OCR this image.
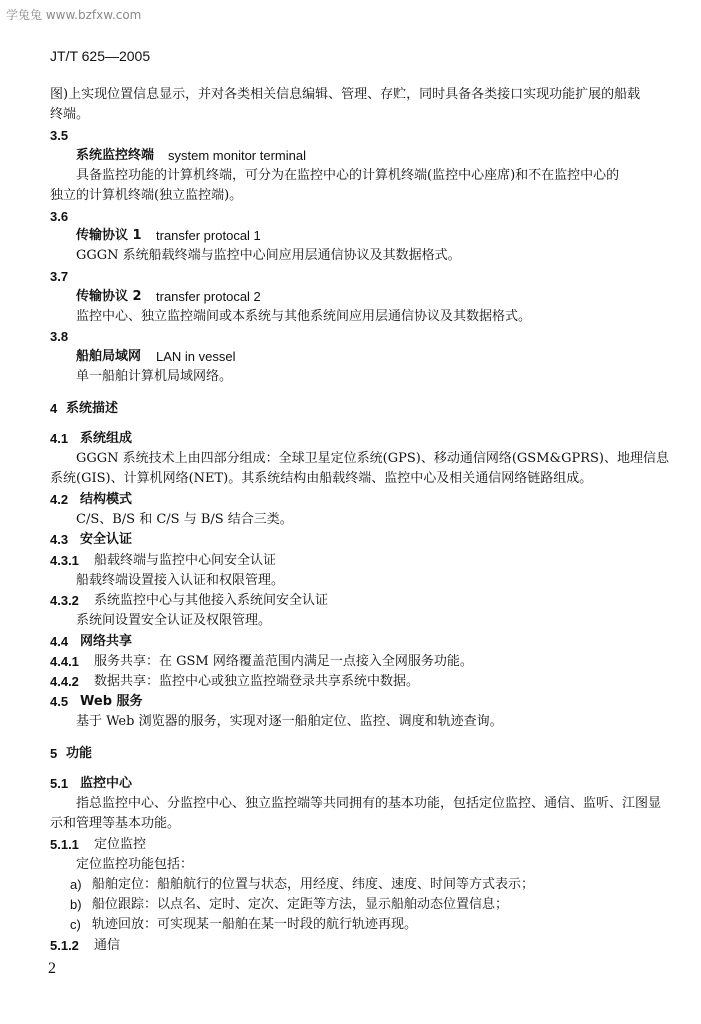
学兔兔 www.bzfxw.com
JT/T 625—2005
图)上实现位置信息显示，并对各类相关信息编辑、管理、存贮，同时具备各类接口实现功能扩展的船载
终端。
3.5
系统监控终端 system monitor terminal
具备监控功能的计算机终端，可分为在监控中心的计算机终端(监控中心座席)和不在监控中心的
独立的计算机终端(独立监控端)。
3.6
传输协议 1 transfer protocal 1
GGGN 系统船载终端与监控中心间应用层通信协议及其数据格式。
3.7
传输协议 2 transfer protocal 2
监控中心、独立监控端间或本系统与其他系统间应用层通信协议及其数据格式。
3.8
船舶局域网 LAN in vessel
单一船舶计算机局域网络。
4 系统描述
4.1 系统组成
GGGN 系统技术上由四部分组成：全球卫星定位系统(GPS)、移动通信网络(GSM&GPRS)、地理信息
系统(GIS)、计算机网络(NET)。其系统结构由船载终端、监控中心及相关通信网络链路组成。
4.2 结构模式
C/S、B/S 和 C/S 与 B/S 结合三类。
4.3 安全认证
4.3.1 船载终端与监控中心间安全认证
船载终端设置接入认证和权限管理。
4.3.2 系统监控中心与其他接入系统间安全认证
系统间设置安全认证及权限管理。
4.4 网络共享
4.4.1 服务共享：在 GSM 网络覆盖范围内满足一点接入全网服务功能。
4.4.2 数据共享：监控中心或独立监控端登录共享系统中数据。
4.5 Web 服务
基于 Web 浏览器的服务，实现对逐一船舶定位、监控、调度和轨迹查询。
5 功能
5.1 监控中心
指总监控中心、分监控中心、独立监控端等共同拥有的基本功能，包括定位监控、通信、监听、江图显
示和管理等基本功能。
5.1.1 定位监控
定位监控功能包括：
a) 船舶定位：船舶航行的位置与状态，用经度、纬度、速度、时间等方式表示；
b) 船位跟踪：以点名、定时、定次、定距等方法，显示船舶动态位置信息；
c) 轨迹回放：可实现某一船舶在某一时段的航行轨迹再现。
5.1.2 通信
2
